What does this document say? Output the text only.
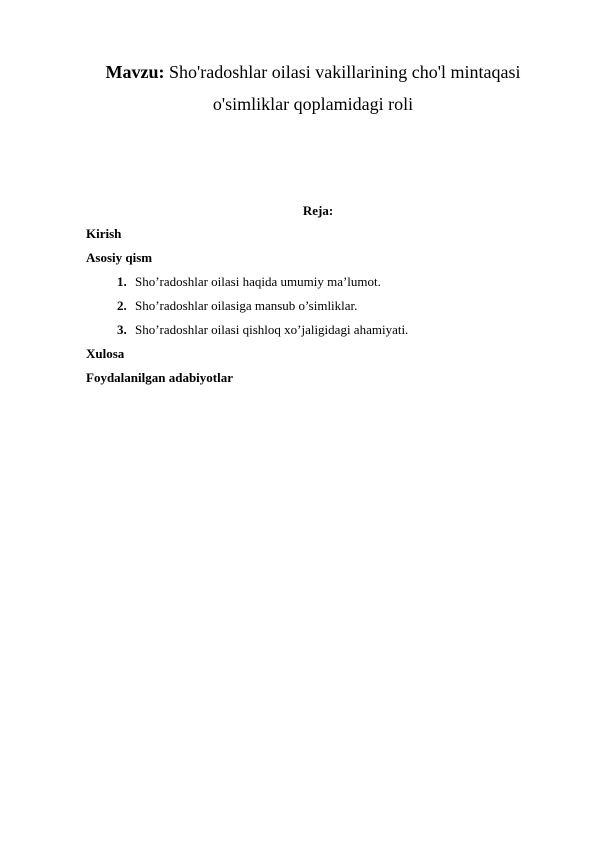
Mavzu: Sho'radoshlar oilasi vakillarining cho'l mintaqasi
o'simliklar qoplamidagi roli
Reja:
Kirish
Asosiy qism
1. Sho’radoshlar oilasi haqida umumiy ma’lumot.
2. Sho’radoshlar oilasiga mansub o’simliklar.
3. Sho’radoshlar oilasi qishloq xo’jaligidagi ahamiyati.
Xulosa
Foydalanilgan adabiyotlar
